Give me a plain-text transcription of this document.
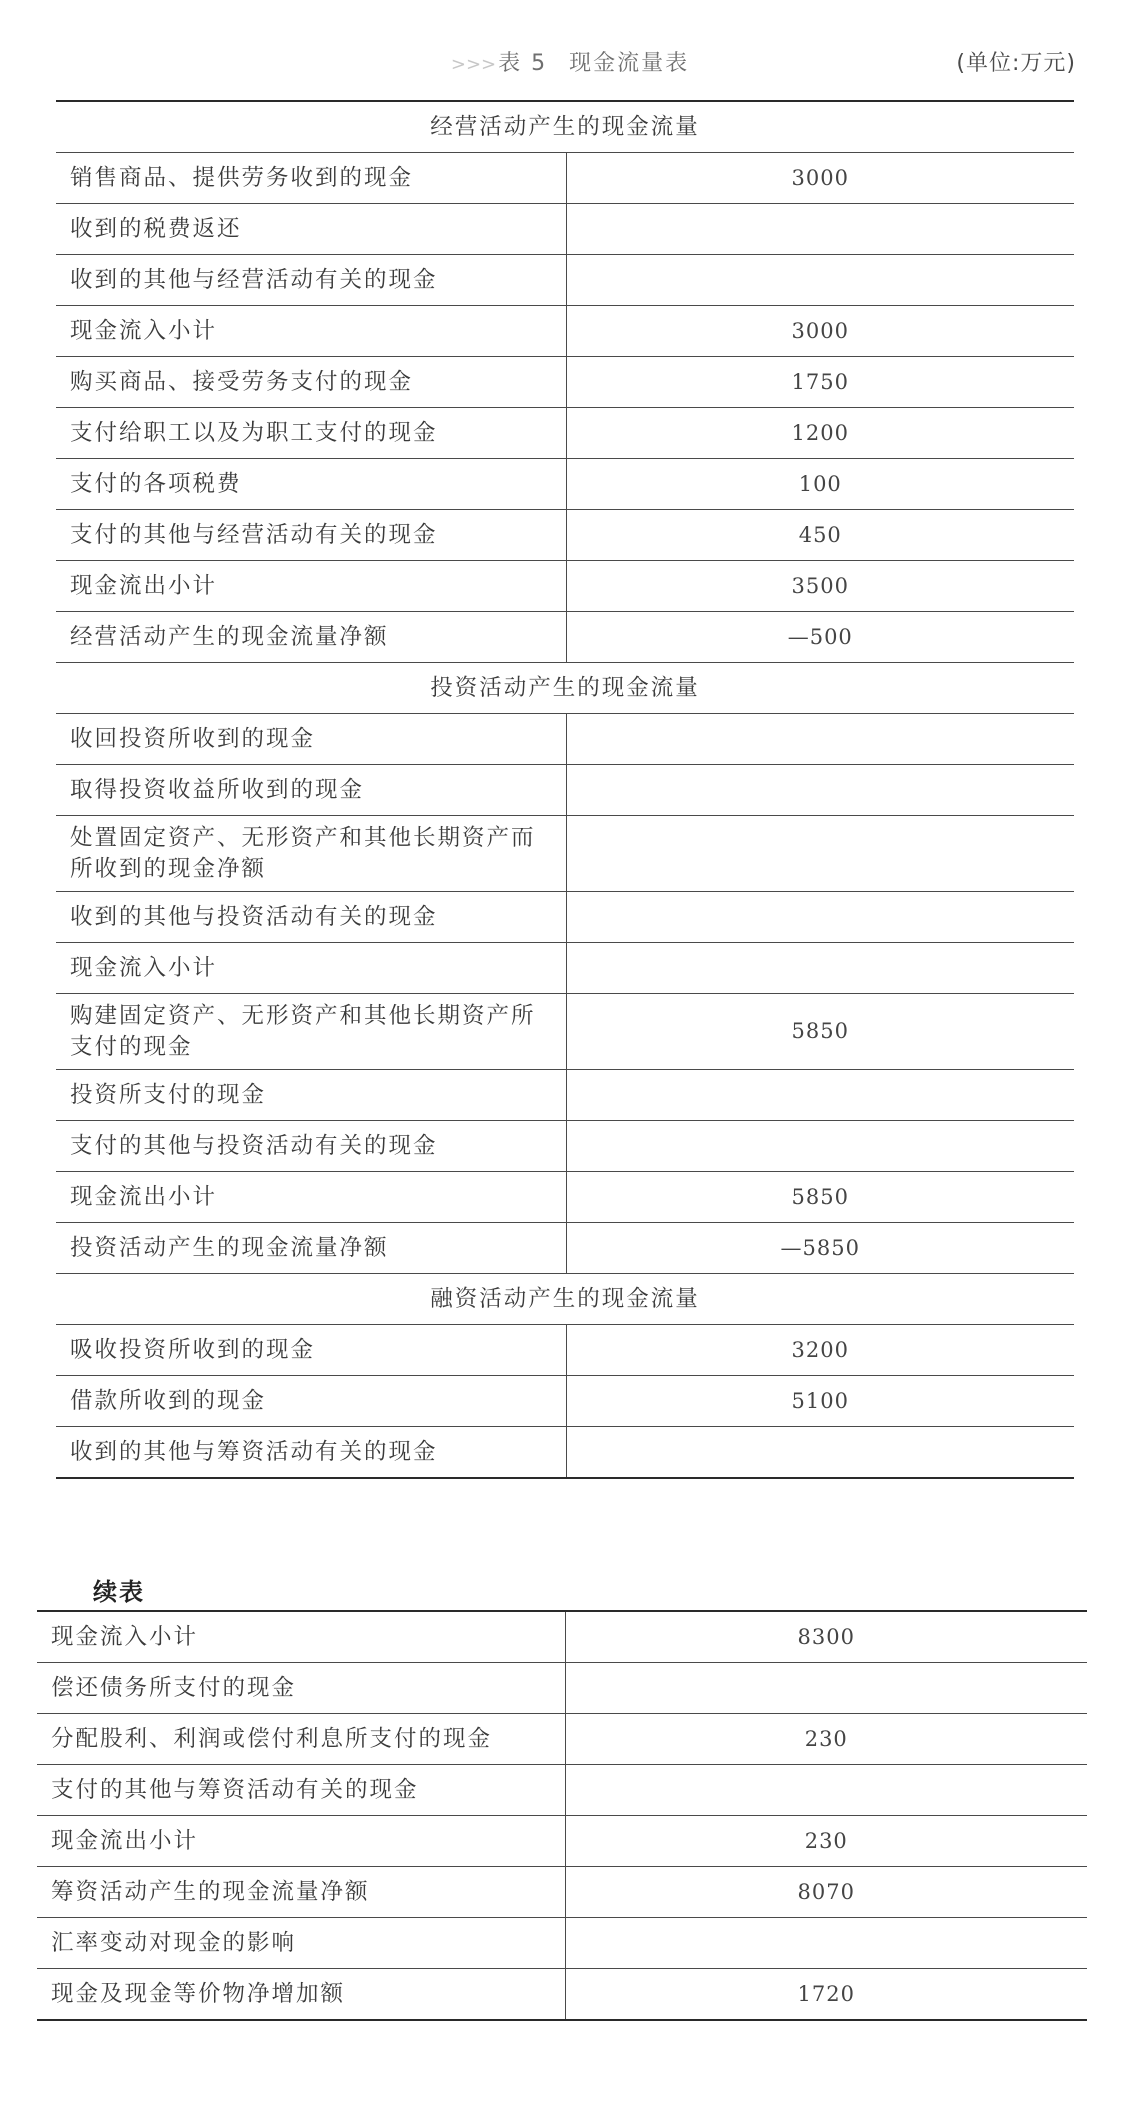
>>>表 5 现金流量表	(单位:万元)
经营活动产生的现金流量	
销售商品、提供劳务收到的现金	3000
收到的税费返还	
收到的其他与经营活动有关的现金	
现金流入小计	3000
购买商品、接受劳务支付的现金	1750
支付给职工以及为职工支付的现金	1200
支付的各项税费	100
支付的其他与经营活动有关的现金	450
现金流出小计	3500
经营活动产生的现金流量净额	—500
投资活动产生的现金流量	
收回投资所收到的现金	
取得投资收益所收到的现金	
处置固定资产、无形资产和其他长期资产而所收到的现金净额	
收到的其他与投资活动有关的现金	
现金流入小计	
购建固定资产、无形资产和其他长期资产所支付的现金	5850
投资所支付的现金	
支付的其他与投资活动有关的现金	
现金流出小计	5850
投资活动产生的现金流量净额	—5850
融资活动产生的现金流量	
吸收投资所收到的现金	3200
借款所收到的现金	5100
收到的其他与筹资活动有关的现金	
续表
现金流入小计	8300
偿还债务所支付的现金	
分配股利、利润或偿付利息所支付的现金	230
支付的其他与筹资活动有关的现金	
现金流出小计	230
筹资活动产生的现金流量净额	8070
汇率变动对现金的影响	
现金及现金等价物净增加额	1720
